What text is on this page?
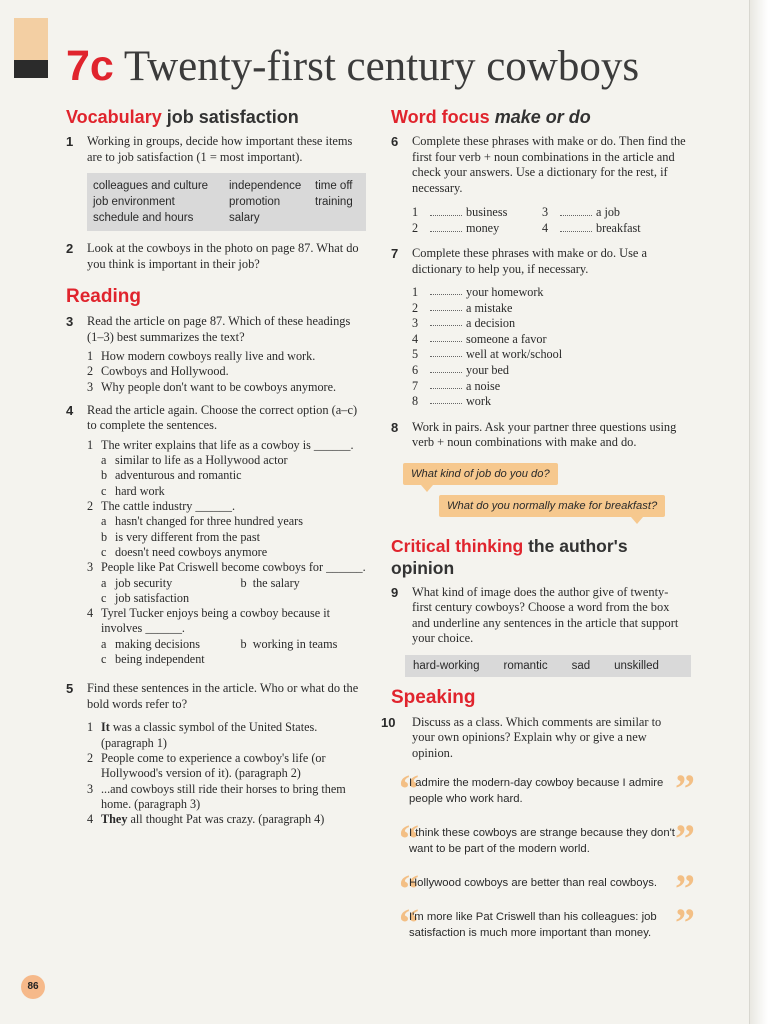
7c Twenty-first century cowboys
Vocabulary job satisfaction
1 Working in groups, decide how important these items are to job satisfaction (1 = most important).
colleagues and culture	independence	time off
job environment	promotion	training
schedule and hours	salary
2 Look at the cowboys in the photo on page 87. What do you think is important in their job?
Reading
3 Read the article on page 87. Which of these headings (1–3) best summarizes the text?
1 How modern cowboys really live and work.
2 Cowboys and Hollywood.
3 Why people don't want to be cowboys anymore.
4 Read the article again. Choose the correct option (a–c) to complete the sentences.
1 The writer explains that life as a cowboy is ______.
a similar to life as a Hollywood actor
b adventurous and romantic
c hard work
2 The cattle industry ______.
a hasn't changed for three hundred years
b is very different from the past
c doesn't need cowboys anymore
3 People like Pat Criswell become cowboys for ______.
a job security	b the salary
c job satisfaction
4 Tyrel Tucker enjoys being a cowboy because it involves ______.
a making decisions	b working in teams
c being independent
5 Find these sentences in the article. Who or what do the bold words refer to?
1 It was a classic symbol of the United States. (paragraph 1)
2 People come to experience a cowboy's life (or Hollywood's version of it). (paragraph 2)
3 ...and cowboys still ride their horses to bring them home. (paragraph 3)
4 They all thought Pat was crazy. (paragraph 4)
Word focus make or do
6 Complete these phrases with make or do. Then find the first four verb + noun combinations in the article and check your answers. Use a dictionary for the rest, if necessary.
1	business	3	a job
2	money	4	breakfast
7 Complete these phrases with make or do. Use a dictionary to help you, if necessary.
1	your homework
2	a mistake
3	a decision
4	someone a favor
5	well at work/school
6	your bed
7	a noise
8	work
8 Work in pairs. Ask your partner three questions using verb + noun combinations with make and do.
What kind of job do you do?
What do you normally make for breakfast?
Critical thinking the author's opinion
9 What kind of image does the author give of twenty-first century cowboys? Choose a word from the box and underline any sentences in the article that support your choice.
hard-working romantic sad unskilled
Speaking
10 Discuss as a class. Which comments are similar to your own opinions? Explain why or give a new opinion.
“	”
I admire the modern-day cowboy because I admire people who work hard.
“	”
I think these cowboys are strange because they don't want to be part of the modern world.
“	”
Hollywood cowboys are better than real cowboys.
“	”
I'm more like Pat Criswell than his colleagues: job satisfaction is much more important than money.
86
